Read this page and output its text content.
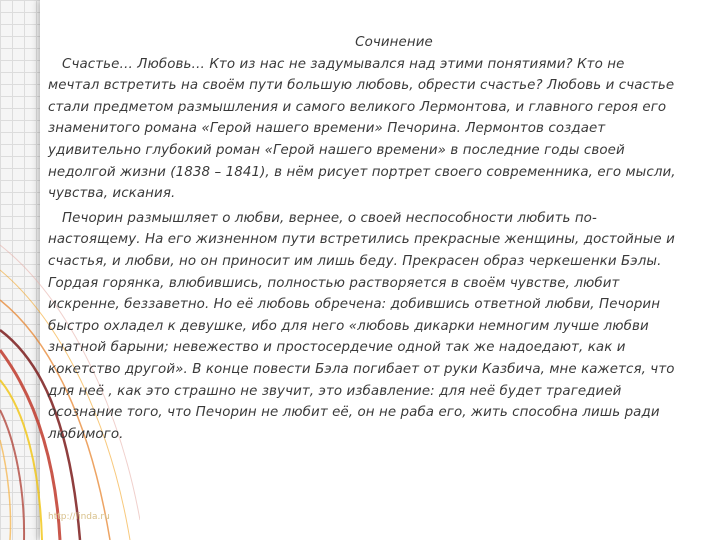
Сочинение

Счастье… Любовь… Кто из нас не задумывался над этими понятиями? Кто не мечтал встретить на своём пути большую любовь, обрести счастье? Любовь и счастье стали предметом размышления и самого великого Лермонтова, и главного героя его знаменитого романа «Герой нашего времени» Печорина. Лермонтов создает удивительно глубокий роман «Герой нашего времени» в последние годы своей недолгой жизни (1838 – 1841), в нём рисует портрет своего современника, его мысли, чувства, искания.

Печорин размышляет о любви, вернее, о своей неспособности любить по-настоящему. На его жизненном пути встретились прекрасные женщины, достойные и счастья, и любви, но он приносит им лишь беду. Прекрасен образ черкешенки Бэлы. Гордая горянка, влюбившись, полностью растворяется в своём чувстве, любит искренне, беззаветно. Но её любовь обречена: добившись ответной любви, Печорин быстро охладел к девушке, ибо для него «любовь дикарки немногим лучше любви знатной барыни; невежество и простосердечие одной так же надоедают, как и кокетство другой». В конце повести Бэла погибает от руки Казбича, мне кажется, что для неё , как это страшно не звучит, это избавление: для неё будет трагедией осознание того, что Печорин не любит её, он не раба его, жить способна лишь ради любимого.

http://linda.ru
